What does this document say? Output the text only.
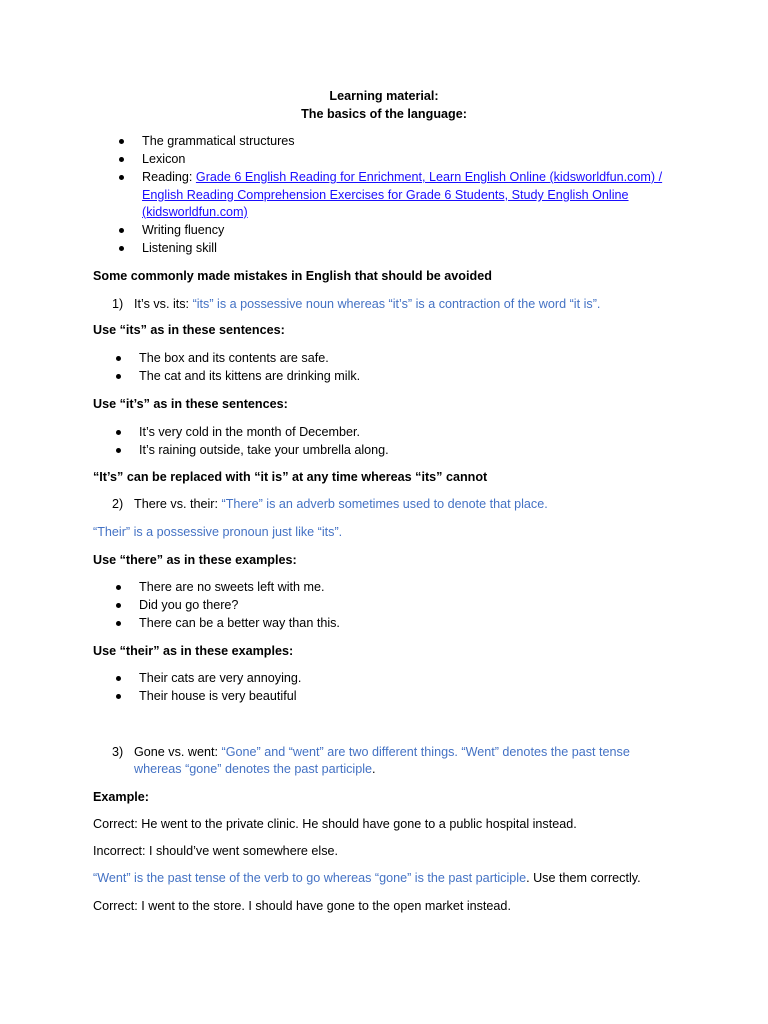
Learning material:
The basics of the language:
The grammatical structures
Lexicon
Reading: Grade 6 English Reading for Enrichment, Learn English Online (kidsworldfun.com) /
English Reading Comprehension Exercises for Grade 6 Students, Study English Online
(kidsworldfun.com)
Writing fluency
Listening skill
Some commonly made mistakes in English that should be avoided
1) It’s vs. its: “its” is a possessive noun whereas “it’s” is a contraction of the word “it is”.
Use “its” as in these sentences:
The box and its contents are safe.
The cat and its kittens are drinking milk.
Use “it’s” as in these sentences:
It’s very cold in the month of December.
It’s raining outside, take your umbrella along.
“It’s” can be replaced with “it is” at any time whereas “its” cannot
2) There vs. their: “There” is an adverb sometimes used to denote that place.
“Their” is a possessive pronoun just like “its”.
Use “there” as in these examples:
There are no sweets left with me.
Did you go there?
There can be a better way than this.
Use “their” as in these examples:
Their cats are very annoying.
Their house is very beautiful
3) Gone vs. went: “Gone” and “went” are two different things. “Went” denotes the past tense
whereas “gone” denotes the past participle.
Example:
Correct: He went to the private clinic. He should have gone to a public hospital instead.
Incorrect: I should’ve went somewhere else.
“Went” is the past tense of the verb to go whereas “gone” is the past participle. Use them correctly.
Correct: I went to the store. I should have gone to the open market instead.
